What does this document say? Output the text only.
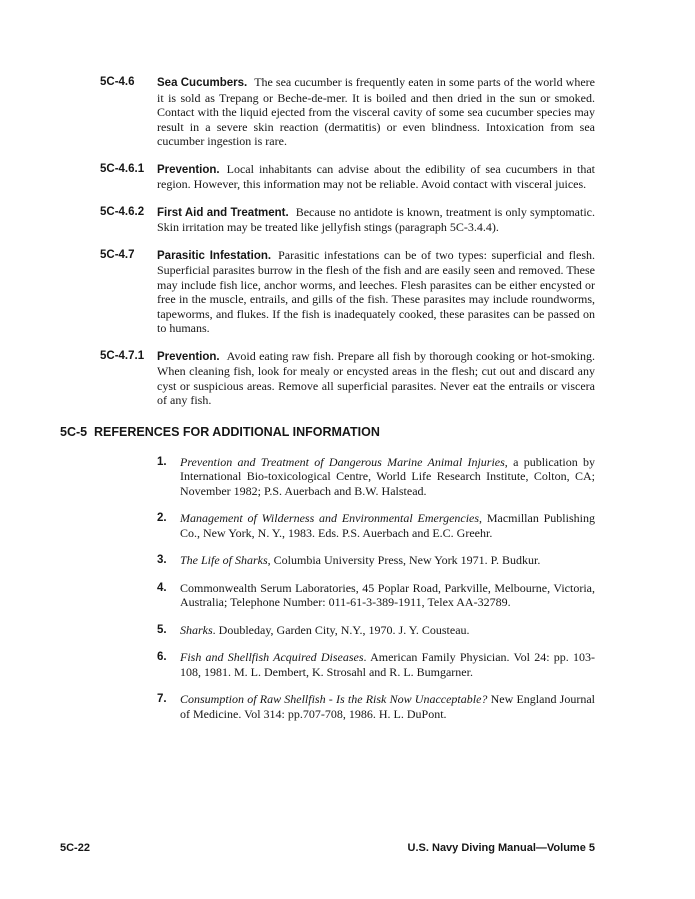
5C-4.6	Sea Cucumbers. The sea cucumber is frequently eaten in some parts of the world where it is sold as Trepang or Beche-de-mer. It is boiled and then dried in the sun or smoked. Contact with the liquid ejected from the visceral cavity of some sea cucumber species may result in a severe skin reaction (dermatitis) or even blindness. Intoxication from sea cucumber ingestion is rare.
5C-4.6.1	Prevention. Local inhabitants can advise about the edibility of sea cucumbers in that region. However, this information may not be reliable. Avoid contact with visceral juices.
5C-4.6.2	First Aid and Treatment. Because no antidote is known, treatment is only symptomatic. Skin irritation may be treated like jellyfish stings (paragraph 5C-3.4.4).
5C-4.7	Parasitic Infestation. Parasitic infestations can be of two types: superficial and flesh. Superficial parasites burrow in the flesh of the fish and are easily seen and removed. These may include fish lice, anchor worms, and leeches. Flesh parasites can be either encysted or free in the muscle, entrails, and gills of the fish. These parasites may include roundworms, tapeworms, and flukes. If the fish is inadequately cooked, these parasites can be passed on to humans.
5C-4.7.1	Prevention. Avoid eating raw fish. Prepare all fish by thorough cooking or hot-smoking. When cleaning fish, look for mealy or encysted areas in the flesh; cut out and discard any cyst or suspicious areas. Remove all superficial parasites. Never eat the entrails or viscera of any fish.
5C-5 REFERENCES FOR ADDITIONAL INFORMATION
1.	Prevention and Treatment of Dangerous Marine Animal Injuries, a publication by International Bio-toxicological Centre, World Life Research Institute, Colton, CA; November 1982; P.S. Auerbach and B.W. Halstead.
2.	Management of Wilderness and Environmental Emergencies, Macmillan Publishing Co., New York, N. Y., 1983. Eds. P.S. Auerbach and E.C. Greehr.
3.	The Life of Sharks, Columbia University Press, New York 1971. P. Budkur.
4.	Commonwealth Serum Laboratories, 45 Poplar Road, Parkville, Melbourne, Victoria, Australia; Telephone Number: 011-61-3-389-1911, Telex AA-32789.
5.	Sharks. Doubleday, Garden City, N.Y., 1970. J. Y. Cousteau.
6.	Fish and Shellfish Acquired Diseases. American Family Physician. Vol 24: pp. 103-108, 1981. M. L. Dembert, K. Strosahl and R. L. Bumgarner.
7.	Consumption of Raw Shellfish - Is the Risk Now Unacceptable? New England Journal of Medicine. Vol 314: pp.707-708, 1986. H. L. DuPont.
5C-22	U.S. Navy Diving Manual—Volume 5
